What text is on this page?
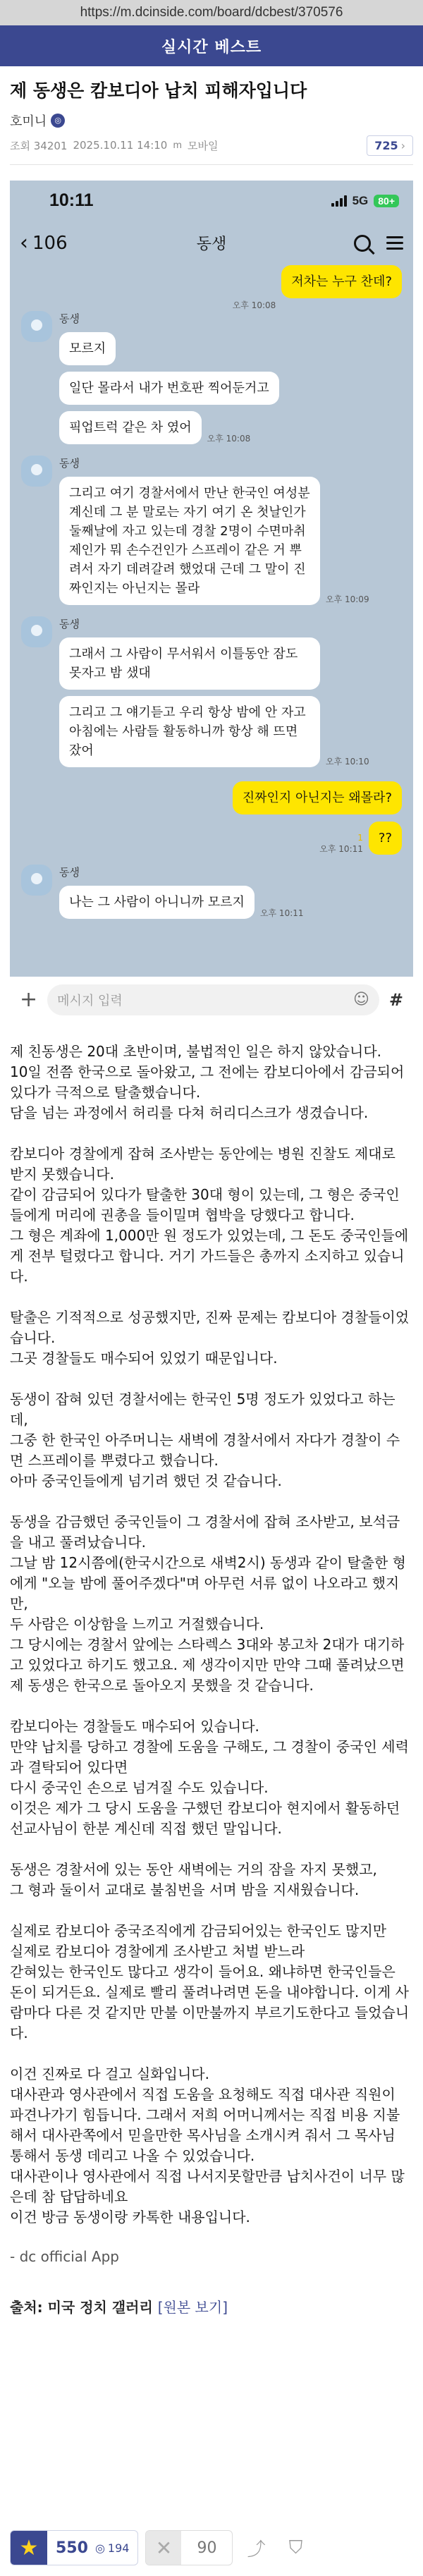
https://m.dcinside.com/board/dcbest/370576
실시간 베스트
제 동생은 캄보디아 납치 피해자입니다
호미니	◎
조회 34201 2025.10.11 14:10 m 모바일	725 ›
10:11	5G	80+
‹ 106	동생
오후 10:08
저차는 누구 찬데?
동생
모르지
일단 몰라서 내가 번호판 찍어둔거고
픽업트럭 같은 차 였어
오후 10:08
동생
그리고 여기 경찰서에서 만난 한국인 여성분 계신데 그 분 말로는 자기 여기 온 첫날인가 둘째날에 자고 있는데 경찰 2명이 수면마취제인가 뭐 손수건인가 스프레이 같은 거 뿌려서 자기 데려갈려 했었대 근데 그 말이 진짜인지는 아닌지는 몰라
오후 10:09
동생
그래서 그 사람이 무서워서 이틀동안 잠도 못자고 밤 샜대
그리고 그 얘기듣고 우리 항상 밤에 안 자고 아침에는 사람들 활동하니까 항상 해 뜨면 잤어
오후 10:10
진짜인지 아닌지는 왜몰라?
1
오후 10:11
??
동생
나는 그 사람이 아니니까 모르지
오후 10:11
+ 메시지 입력	☺ #

제 친동생은 20대 초반이며, 불법적인 일은 하지 않았습니다.
10일 전쯤 한국으로 돌아왔고, 그 전에는 캄보디아에서 감금되어 있다가 극적으로 탈출했습니다.
담을 넘는 과정에서 허리를 다쳐 허리디스크가 생겼습니다.

캄보디아 경찰에게 잡혀 조사받는 동안에는 병원 진찰도 제대로 받지 못했습니다.
같이 감금되어 있다가 탈출한 30대 형이 있는데, 그 형은 중국인들에게 머리에 권총을 들이밀며 협박을 당했다고 합니다.
그 형은 계좌에 1,000만 원 정도가 있었는데, 그 돈도 중국인들에게 전부 털렸다고 합니다. 거기 가드들은 총까지 소지하고 있습니다.

탈출은 기적적으로 성공했지만, 진짜 문제는 캄보디아 경찰들이었습니다.
그곳 경찰들도 매수되어 있었기 때문입니다.

동생이 잡혀 있던 경찰서에는 한국인 5명 정도가 있었다고 하는데,
그중 한 한국인 아주머니는 새벽에 경찰서에서 자다가 경찰이 수면 스프레이를 뿌렸다고 했습니다.
아마 중국인들에게 넘기려 했던 것 같습니다.

동생을 감금했던 중국인들이 그 경찰서에 잡혀 조사받고, 보석금을 내고 풀려났습니다.
그날 밤 12시쯤에(한국시간으로 새벽2시) 동생과 같이 탈출한 형에게 "오늘 밤에 풀어주겠다"며 아무런 서류 없이 나오라고 했지만,
두 사람은 이상함을 느끼고 거절했습니다.
그 당시에는 경찰서 앞에는 스타렉스 3대와 봉고차 2대가 대기하고 있었다고 하기도 했고요. 제 생각이지만 만약 그때 풀려났으면 제 동생은 한국으로 돌아오지 못했을 것 같습니다.

캄보디아는 경찰들도 매수되어 있습니다.
만약 납치를 당하고 경찰에 도움을 구해도, 그 경찰이 중국인 세력과 결탁되어 있다면
다시 중국인 손으로 넘겨질 수도 있습니다.
이것은 제가 그 당시 도움을 구했던 캄보디아 현지에서 활동하던 선교사님이 한분 계신데 직접 했던 말입니다.

동생은 경찰서에 있는 동안 새벽에는 거의 잠을 자지 못했고,
그 형과 둘이서 교대로 불침번을 서며 밤을 지새웠습니다.

실제로 캄보디아 중국조직에게 감금되어있는 한국인도 많지만
실제로 캄보디아 경찰에게 조사받고 처벌 받느라
갇혀있는 한국인도 많다고 생각이 들어요. 왜냐하면 한국인들은 돈이 되거든요. 실제로 빨리 풀려나려면 돈을 내야합니다. 이게 사람마다 다른 것 같지만 만불 이만불까지 부르기도한다고 들었습니다.

이건 진짜로 다 걸고 실화입니다.
대사관과 영사관에서 직접 도움을 요청해도 직접 대사관 직원이 파견나가기 힘듭니다. 그래서 저희 어머니께서는 직접 비용 지불해서 대사관쪽에서 믿을만한 목사님을 소개시켜 줘서 그 목사님 통해서 동생 데리고 나올 수 있었습니다.
대사관이나 영사관에서 직접 나서지못할만큼 납치사건이 너무 많은데 참 답답하네요
이건 방금 동생이랑 카톡한 내용입니다.

- dc official App
출처: 미국 정치 갤러리 [원본 보기]
★	550 ◎ 194	✕	90	⤴	⛉
